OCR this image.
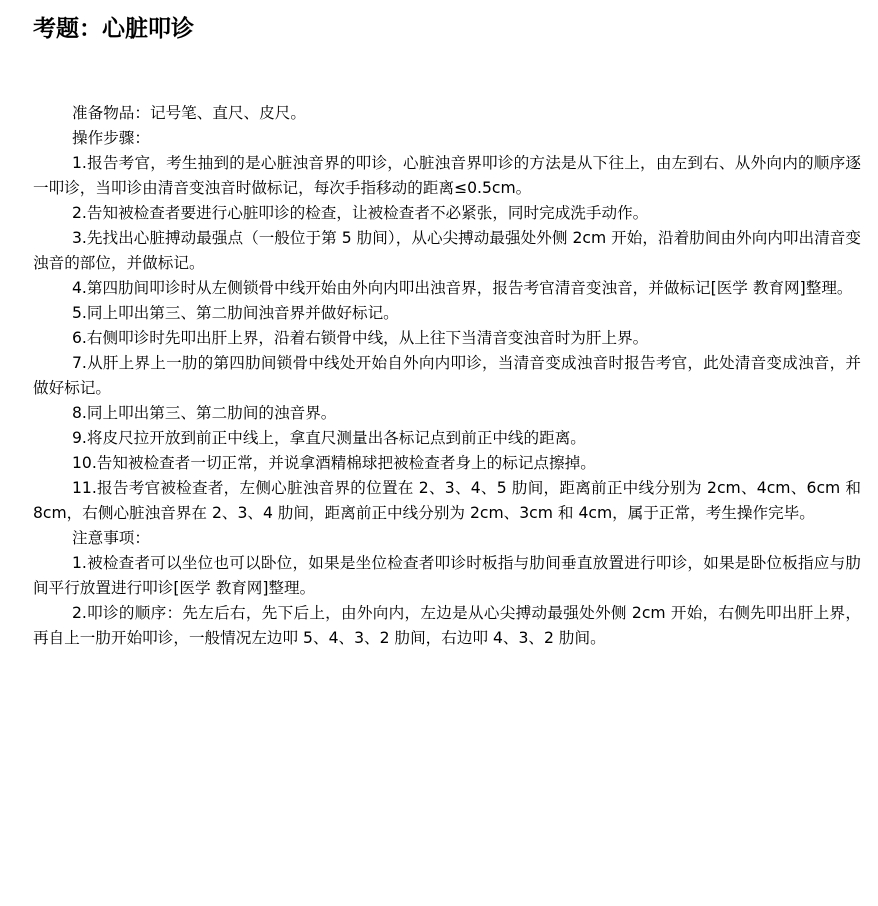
考题：心脏叩诊

准备物品：记号笔、直尺、皮尺。

操作步骤：

1.报告考官，考生抽到的是心脏浊音界的叩诊，心脏浊音界叩诊的方法是从下往上，由左到右、从外向内的顺序逐一叩诊，当叩诊由清音变浊音时做标记，每次手指移动的距离≤0.5cm。

2.告知被检查者要进行心脏叩诊的检查，让被检查者不必紧张，同时完成洗手动作。

3.先找出心脏搏动最强点（一般位于第 5 肋间），从心尖搏动最强处外侧 2cm 开始，沿着肋间由外向内叩出清音变浊音的部位，并做标记。

4.第四肋间叩诊时从左侧锁骨中线开始由外向内叩出浊音界，报告考官清音变浊音，并做标记[医学 教育网]整理。

5.同上叩出第三、第二肋间浊音界并做好标记。

6.右侧叩诊时先叩出肝上界，沿着右锁骨中线，从上往下当清音变浊音时为肝上界。

7.从肝上界上一肋的第四肋间锁骨中线处开始自外向内叩诊，当清音变成浊音时报告考官，此处清音变成浊音，并做好标记。

8.同上叩出第三、第二肋间的浊音界。

9.将皮尺拉开放到前正中线上，拿直尺测量出各标记点到前正中线的距离。

10.告知被检查者一切正常，并说拿酒精棉球把被检查者身上的标记点擦掉。

11.报告考官被检查者，左侧心脏浊音界的位置在 2、3、4、5 肋间，距离前正中线分别为 2cm、4cm、6cm 和 8cm，右侧心脏浊音界在 2、3、4 肋间，距离前正中线分别为 2cm、3cm 和 4cm，属于正常，考生操作完毕。

注意事项：

1.被检查者可以坐位也可以卧位，如果是坐位检查者叩诊时板指与肋间垂直放置进行叩诊，如果是卧位板指应与肋间平行放置进行叩诊[医学 教育网]整理。

2.叩诊的顺序：先左后右，先下后上，由外向内，左边是从心尖搏动最强处外侧 2cm 开始，右侧先叩出肝上界，再自上一肋开始叩诊，一般情况左边叩 5、4、3、2 肋间，右边叩 4、3、2 肋间。
